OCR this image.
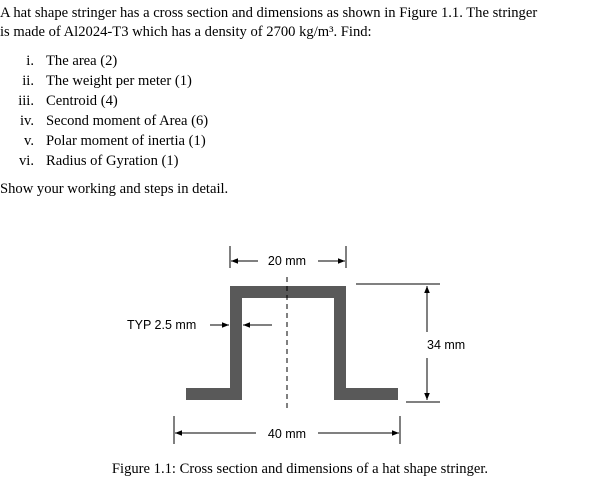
A hat shape stringer has a cross section and dimensions as shown in Figure 1.1. The stringer
is made of Al2024-T3 which has a density of 2700 kg/m³. Find:
i. The area (2)
ii. The weight per meter (1)
iii. Centroid (4)
iv. Second moment of Area (6)
v. Polar moment of inertia (1)
vi. Radius of Gyration (1)
Show your working and steps in detail.
20 mm
TYP 2.5 mm
34 mm
40 mm
Figure 1.1: Cross section and dimensions of a hat shape stringer.
